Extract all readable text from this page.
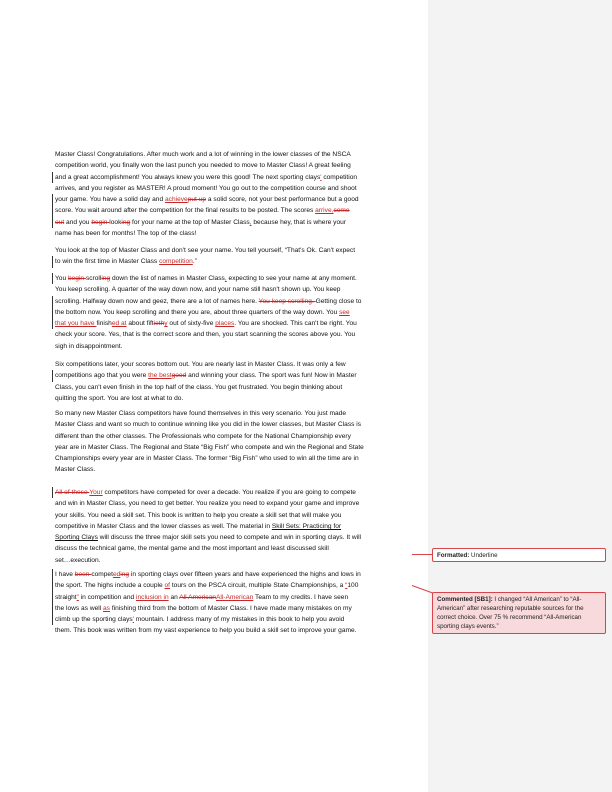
Master Class! Congratulations. After much work and a lot of winning in the lower classes of the NSCA
competition world, you finally won the last punch you needed to move to Master Class! A great feeling
and a great accomplishment! You always knew you were this good! The next sporting clays' competition
arrives, and you register as MASTER! A proud moment! You go out to the competition course and shoot
your game. You have a solid day and achieveput up a solid score, not your best performance but a good
score. You wait around after the competition for the final results to be posted. The scores arrive,come
out and you begin looking for your name at the top of Master Class, because hey, that is where your
name has been for months! The top of the class!
You look at the top of Master Class and don't see your name. You tell yourself, “That's Ok. Can't expect
to win the first time in Master Class competition.”
You begin scrolling down the list of names in Master Class, expecting to see your name at any moment.
You keep scrolling. A quarter of the way down now, and your name still hasn't shown up. You keep
scrolling. Halfway down now and geez, there are a lot of names here. You keep scrolling. Getting close to
the bottom now. You keep scrolling and there you are, about three quarters of the way down. You see
that you have finished at about fiftiethy out of sixty-five places. You are shocked. This can't be right. You
check your score. Yes, that is the correct score and then, you start scanning the scores above you. You
sigh in disappointment.
Six competitions later, your scores bottom out. You are nearly last in Master Class. It was only a few
competitions ago that you were the bestgood and winning your class. The sport was fun! Now in Master
Class, you can't even finish in the top half of the class. You get frustrated. You begin thinking about
quitting the sport. You are lost at what to do.
So many new Master Class competitors have found themselves in this very scenario. You just made
Master Class and want so much to continue winning like you did in the lower classes, but Master Class is
different than the other classes. The Professionals who compete for the National Championship every
year are in Master Class. The Regional and State “Big Fish” who compete and win the Regional and State
Championships every year are in Master Class. The former “Big Fish” who used to win all the time are in
Master Class.
All of these Your competitors have competed for over a decade. You realize if you are going to compete
and win in Master Class, you need to get better. You realize you need to expand your game and improve
your skills. You need a skill set. This book is written to help you create a skill set that will make you
competitive in Master Class and the lower classes as well. The material in Skill Sets: Practicing for
Sporting Clays will discuss the three major skill sets you need to compete and win in sporting clays. It will
discuss the technical game, the mental game and the most important and least discussed skill
set…execution.
I have been competeding in sporting clays over fifteen years and have experienced the highs and lows in
the sport. The highs include a couple of tours on the PSCA circuit, multiple State Championships, a “100
straight” in competition and inclusion in an All AmericanAll-American Team to my credits. I have seen
the lows as well as finishing third from the bottom of Master Class. I have made many mistakes on my
climb up the sporting clays' mountain. I address many of my mistakes in this book to help you avoid
them. This book was written from my vast experience to help you build a skill set to improve your game.
Formatted: Underline
Commented [SB1]: I changed “All American” to “All-American” after researching reputable sources for the correct choice. Over 75 % recommend “All-American sporting clays events.”
